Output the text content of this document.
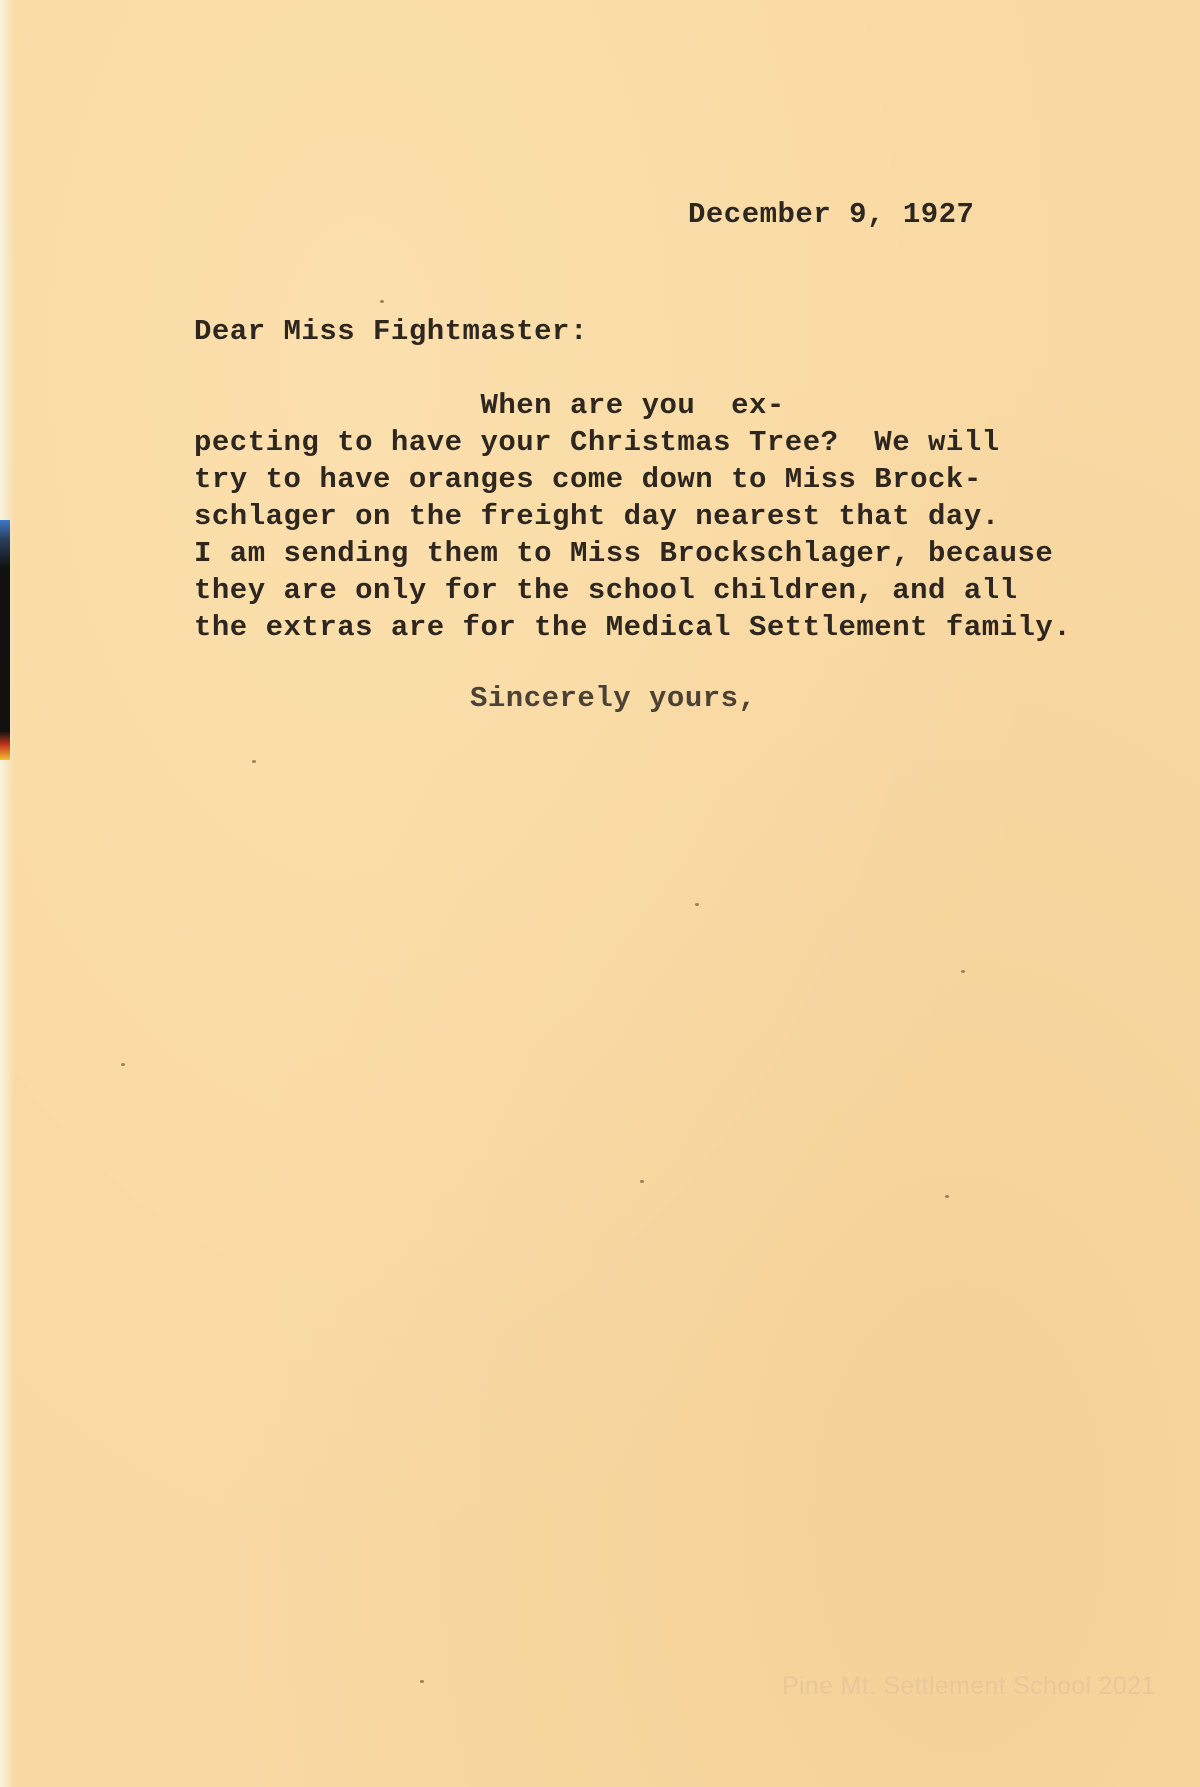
December 9, 1927
Dear Miss Fightmaster:
When are you  ex-
pecting to have your Christmas Tree?  We will
try to have oranges come down to Miss Brock-
schlager on the freight day nearest that day.
I am sending them to Miss Brockschlager, because
they are only for the school children, and all
the extras are for the Medical Settlement family.
Sincerely yours,
Pine Mt. Settlement School 2021
